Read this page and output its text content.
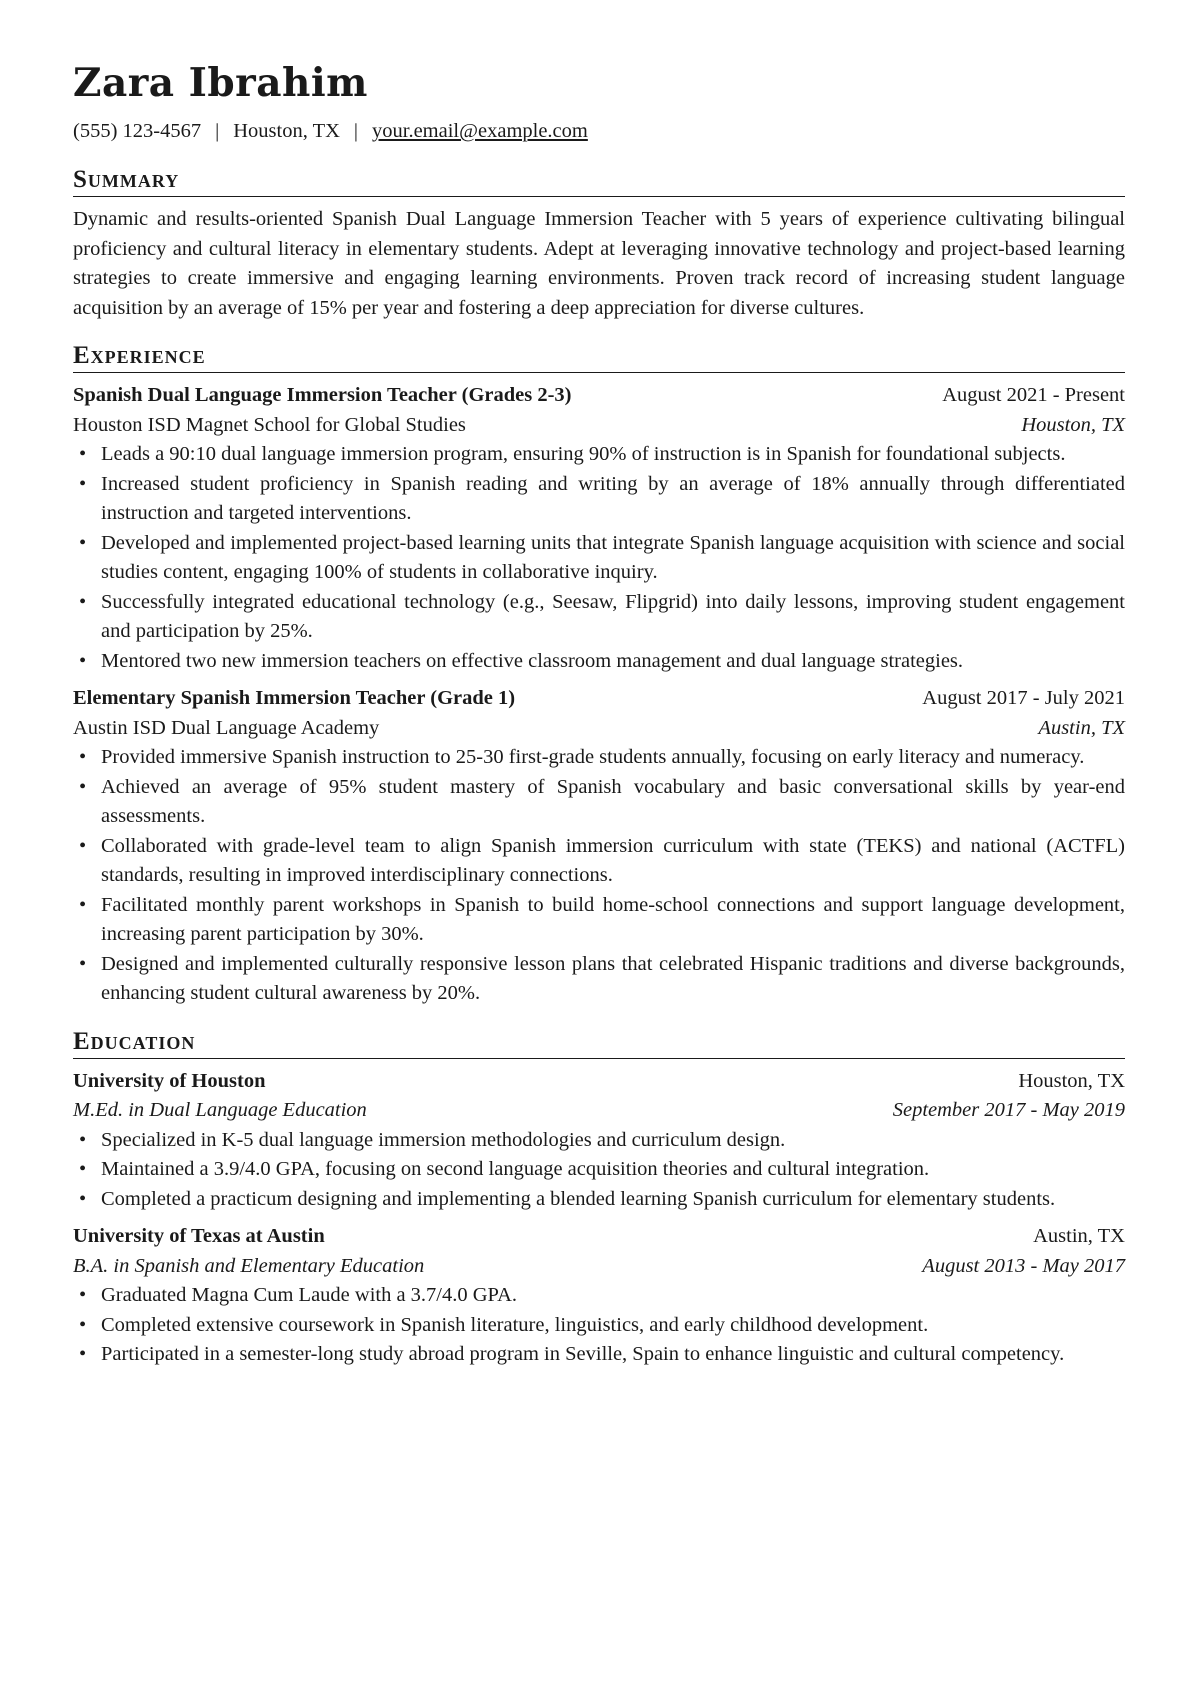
Zara Ibrahim
(555) 123-4567 | Houston, TX | your.email@example.com
Summary
Dynamic and results-oriented Spanish Dual Language Immersion Teacher with 5 years of experience cultivating bilingual proficiency and cultural literacy in elementary students. Adept at leveraging innovative technology and project-based learning strategies to create immersive and engaging learning environments. Proven track record of increasing student language acquisition by an average of 15% per year and fostering a deep appreciation for diverse cultures.
Experience
Spanish Dual Language Immersion Teacher (Grades 2-3)	August 2021 - Present
Houston ISD Magnet School for Global Studies	Houston, TX
• Leads a 90:10 dual language immersion program, ensuring 90% of instruction is in Spanish for foundational subjects.
• Increased student proficiency in Spanish reading and writing by an average of 18% annually through differentiated instruction and targeted interventions.
• Developed and implemented project-based learning units that integrate Spanish language acquisition with science and social studies content, engaging 100% of students in collaborative inquiry.
• Successfully integrated educational technology (e.g., Seesaw, Flipgrid) into daily lessons, improving student engagement and participation by 25%.
• Mentored two new immersion teachers on effective classroom management and dual language strategies.
Elementary Spanish Immersion Teacher (Grade 1)	August 2017 - July 2021
Austin ISD Dual Language Academy	Austin, TX
• Provided immersive Spanish instruction to 25-30 first-grade students annually, focusing on early literacy and numeracy.
• Achieved an average of 95% student mastery of Spanish vocabulary and basic conversational skills by year-end assessments.
• Collaborated with grade-level team to align Spanish immersion curriculum with state (TEKS) and national (ACTFL) standards, resulting in improved interdisciplinary connections.
• Facilitated monthly parent workshops in Spanish to build home-school connections and support language development, increasing parent participation by 30%.
• Designed and implemented culturally responsive lesson plans that celebrated Hispanic traditions and diverse backgrounds, enhancing student cultural awareness by 20%.
Education
University of Houston	Houston, TX
M.Ed. in Dual Language Education	September 2017 - May 2019
• Specialized in K-5 dual language immersion methodologies and curriculum design.
• Maintained a 3.9/4.0 GPA, focusing on second language acquisition theories and cultural integration.
• Completed a practicum designing and implementing a blended learning Spanish curriculum for elementary students.
University of Texas at Austin	Austin, TX
B.A. in Spanish and Elementary Education	August 2013 - May 2017
• Graduated Magna Cum Laude with a 3.7/4.0 GPA.
• Completed extensive coursework in Spanish literature, linguistics, and early childhood development.
• Participated in a semester-long study abroad program in Seville, Spain to enhance linguistic and cultural competency.
